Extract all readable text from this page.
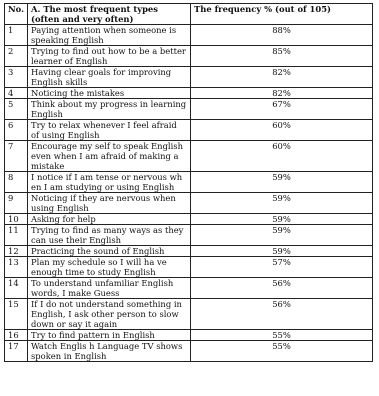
No.	A. The most frequent types (often and very often)	The frequency % (out of 105)
1	Paying attention when someone is speaking English	88%
2	Trying to find out how to be a better learner of English	85%
3	Having clear goals for improving English skills	82%
4	Noticing the mistakes	82%
5	Think about my progress in learning English	67%
6	Try to relax whenever I feel afraid of using English	60%
7	Encourage my self to speak English even when I am afraid of making a mistake	60%
8	I notice if I am tense or nervous wh en I am studying or using English	59%
9	Noticing if they are nervous when using English	59%
10	Asking for help	59%
11	Trying to find as many ways as they can use their English	59%
12	Practicing the sound of English	59%
13	Plan my schedule so I will ha ve enough time to study English	57%
14	To understand unfamiliar English words, I make Guess	56%
15	If I do not understand something in English, I ask other person to slow down or say it again	56%
16	Try to find pattern in English	55%
17	Watch Englis h Language TV shows spoken in English	55%
